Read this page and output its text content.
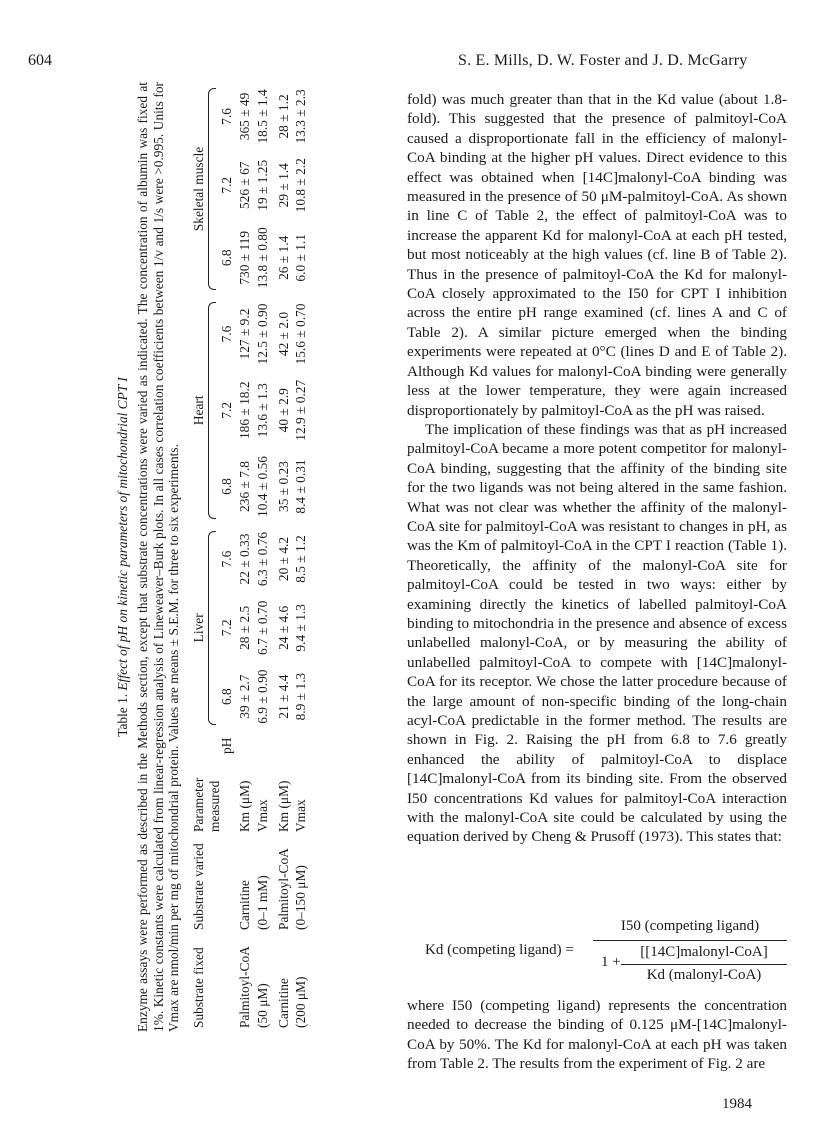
604	S. E. Mills, D. W. Foster and J. D. McGarry
Table 1. Effect of pH on kinetic parameters of mitochondrial CPT I Enzyme assays were performed as described in the Methods section, except that substrate concentrations were varied as indicated. The concentration of albumin was fixed at 1%. Kinetic constants were calculated from linear-regression analysis of Lineweaver–Burk plots. In all cases correlation coefficients between 1/v and 1/s were >0.995. Units for Vmax are nmol/min per mg of mitochondrial protein. Values are means ± S.E.M. for three to six experiments. Substrate fixed	Substrate varied	Parameter measured	pH	Liver			Heart			Skeletal muscle		

				6.8	7.2	7.6	6.8	7.2	7.6	6.8	7.2	7.6
Palmitoyl-CoA	Carnitine	Km (μM)		39 ± 2.7	28 ± 2.5	22 ± 0.33	236 ± 7.8	186 ± 18.2	127 ± 9.2	730 ± 119	526 ± 67	365 ± 49
(50 μM)	(0–1 mM)	Vmax		6.9 ± 0.90	6.7 ± 0.70	6.3 ± 0.76	10.4 ± 0.56	13.6 ± 1.3	12.5 ± 0.90	13.8 ± 0.80	19 ± 1.25	18.5 ± 1.4
Carnitine	Palmitoyl-CoA	Km (μM)		21 ± 4.4	24 ± 4.6	20 ± 4.2	35 ± 0.23	40 ± 2.9	42 ± 2.0	26 ± 1.4	29 ± 1.4	28 ± 1.2
(200 μM)	(0–150 μM)	Vmax		8.9 ± 1.3	9.4 ± 1.3	8.5 ± 1.2	8.4 ± 0.31	12.9 ± 0.27	15.6 ± 0.70	6.0 ± 1.1	10.8 ± 2.2	13.3 ± 2.3	fold) was much greater than that in the Kd value (about 1.8-fold). This suggested that the presence of palmitoyl-CoA caused a disproportionate fall in the efficiency of malonyl-CoA binding at the higher pH values. Direct evidence to this effect was obtained when [14C]malonyl-CoA binding was measured in the presence of 50 μM-palmitoyl-CoA. As shown in line C of Table 2, the effect of palmitoyl-CoA was to increase the apparent Kd for malonyl-CoA at each pH tested, but most noticeably at the high values (cf. line B of Table 2). Thus in the presence of palmitoyl-CoA the Kd for malonyl-CoA closely approximated to the I50 for CPT I inhibition across the entire pH range examined (cf. lines A and C of Table 2). A similar picture emerged when the binding experiments were repeated at 0°C (lines D and E of Table 2). Although Kd values for malonyl-CoA binding were generally less at the lower temperature, they were again increased disproportionately by palmitoyl-CoA as the pH was raised.

The implication of these findings was that as pH increased palmitoyl-CoA became a more potent competitor for malonyl-CoA binding, suggesting that the affinity of the binding site for the two ligands was not being altered in the same fashion. What was not clear was whether the affinity of the malonyl-CoA site for palmitoyl-CoA was resistant to changes in pH, as was the Km of palmitoyl-CoA in the CPT I reaction (Table 1). Theoretically, the affinity of the malonyl-CoA site for palmitoyl-CoA could be tested in two ways: either by examining directly the kinetics of labelled palmitoyl-CoA binding to mitochondria in the presence and absence of excess unlabelled malonyl-CoA, or by measuring the ability of unlabelled palmitoyl-CoA to compete with [14C]malonyl-CoA for its receptor. We chose the latter procedure because of the large amount of non-specific binding of the long-chain acyl-CoA predictable in the former method. The results are shown in Fig. 2. Raising the pH from 6.8 to 7.6 greatly enhanced the ability of palmitoyl-CoA to displace [14C]malonyl-CoA from its binding site. From the observed I50 concentrations Kd values for palmitoyl-CoA interaction with the malonyl-CoA site could be calculated by using the equation derived by Cheng & Prusoff (1973). This states that:

Kd (competing ligand) =
I50 (competing ligand)
1 +
[[14C]malonyl-CoA]
Kd (malonyl-CoA)

where I50 (competing ligand) represents the concentration needed to decrease the binding of 0.125 μM-[14C]malonyl-CoA by 50%. The Kd for malonyl-CoA at each pH was taken from Table 2. The results from the experiment of Fig. 2 are

1984
